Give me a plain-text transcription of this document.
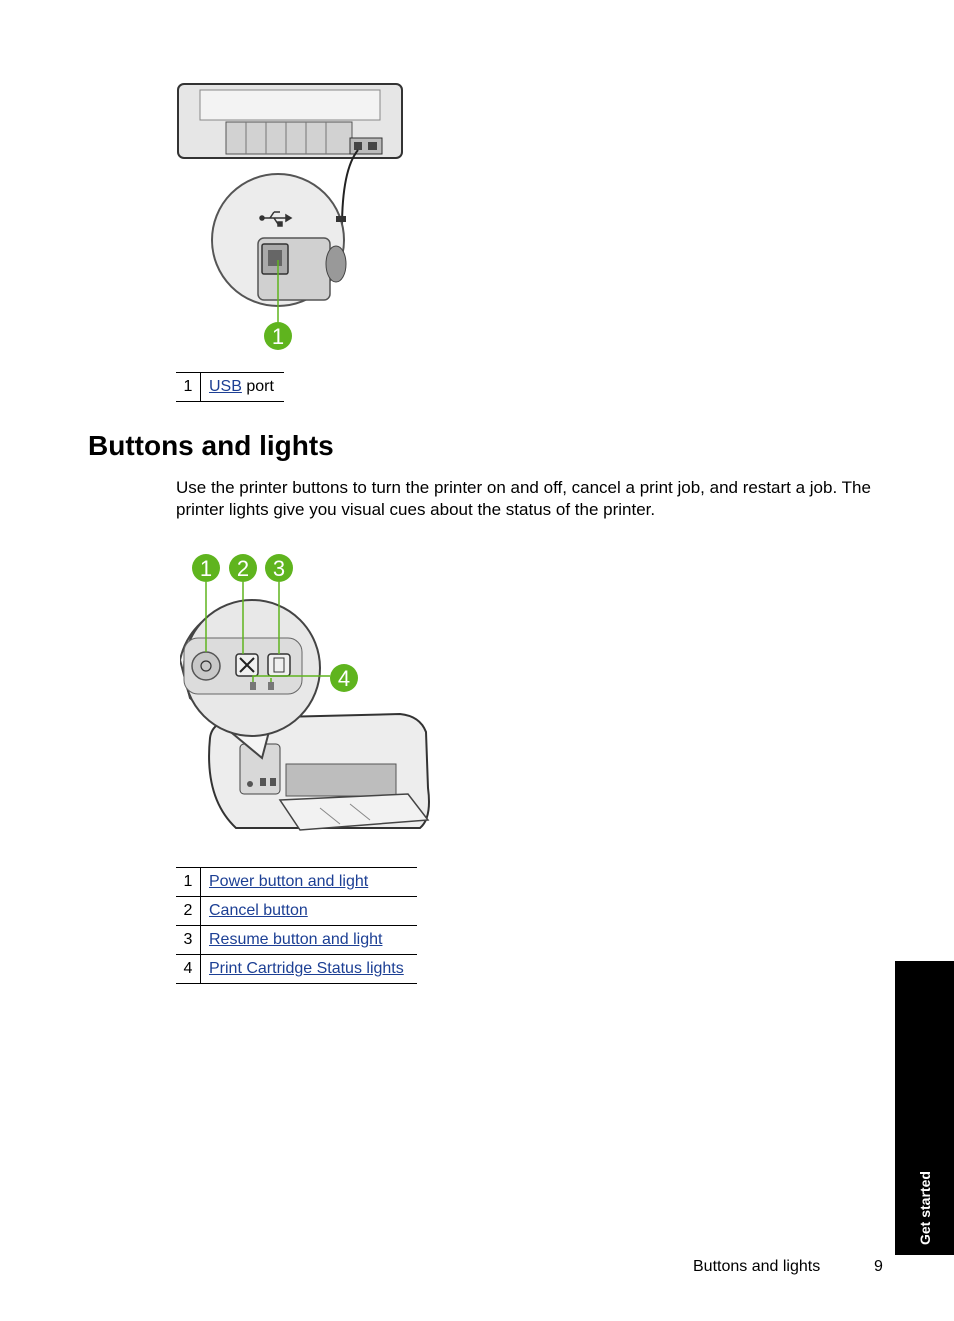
1
1	USB port
Buttons and lights

Use the printer buttons to turn the printer on and off, cancel a print job, and restart a job. The printer lights give you visual cues about the status of the printer.

1 2 3
4
1	Power button and light
2	Cancel button
3	Resume button and light
4	Print Cartridge Status lights
Get started
Buttons and lights	9
